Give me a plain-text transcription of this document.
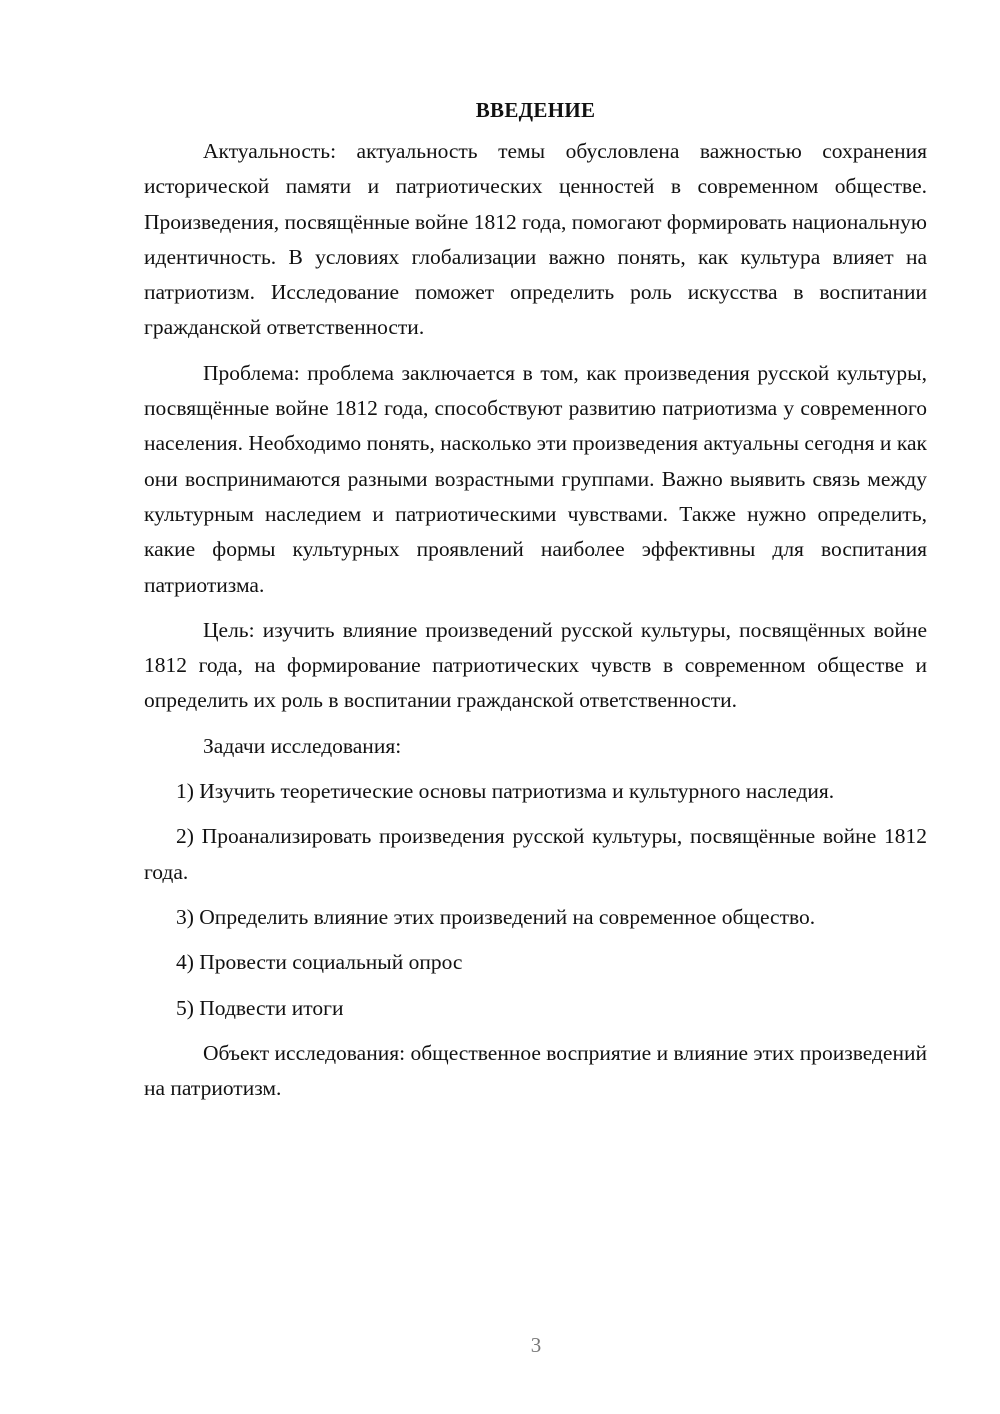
ВВЕДЕНИЕ

Актуальность: актуальность темы обусловлена важностью сохранения исторической памяти и патриотических ценностей в современном обществе. Произведения, посвящённые войне 1812 года, помогают формировать национальную идентичность. В условиях глобализации важно понять, как культура влияет на патриотизм. Исследование поможет определить роль искусства в воспитании гражданской ответственности.

Проблема: проблема заключается в том, как произведения русской культуры, посвящённые войне 1812 года, способствуют развитию патриотизма у современного населения. Необходимо понять, насколько эти произведения актуальны сегодня и как они воспринимаются разными возрастными группами. Важно выявить связь между культурным наследием и патриотическими чувствами. Также нужно определить, какие формы культурных проявлений наиболее эффективны для воспитания патриотизма.

Цель: изучить влияние произведений русской культуры, посвящённых войне 1812 года, на формирование патриотических чувств в современном обществе и определить их роль в воспитании гражданской ответственности.

Задачи исследования:

1) Изучить теоретические основы патриотизма и культурного наследия.

2) Проанализировать произведения русской культуры, посвящённые войне 1812 года.

3) Определить влияние этих произведений на современное общество.

4) Провести социальный опрос

5) Подвести итоги

Объект исследования: общественное восприятие и влияние этих произведений на патриотизм.

3
